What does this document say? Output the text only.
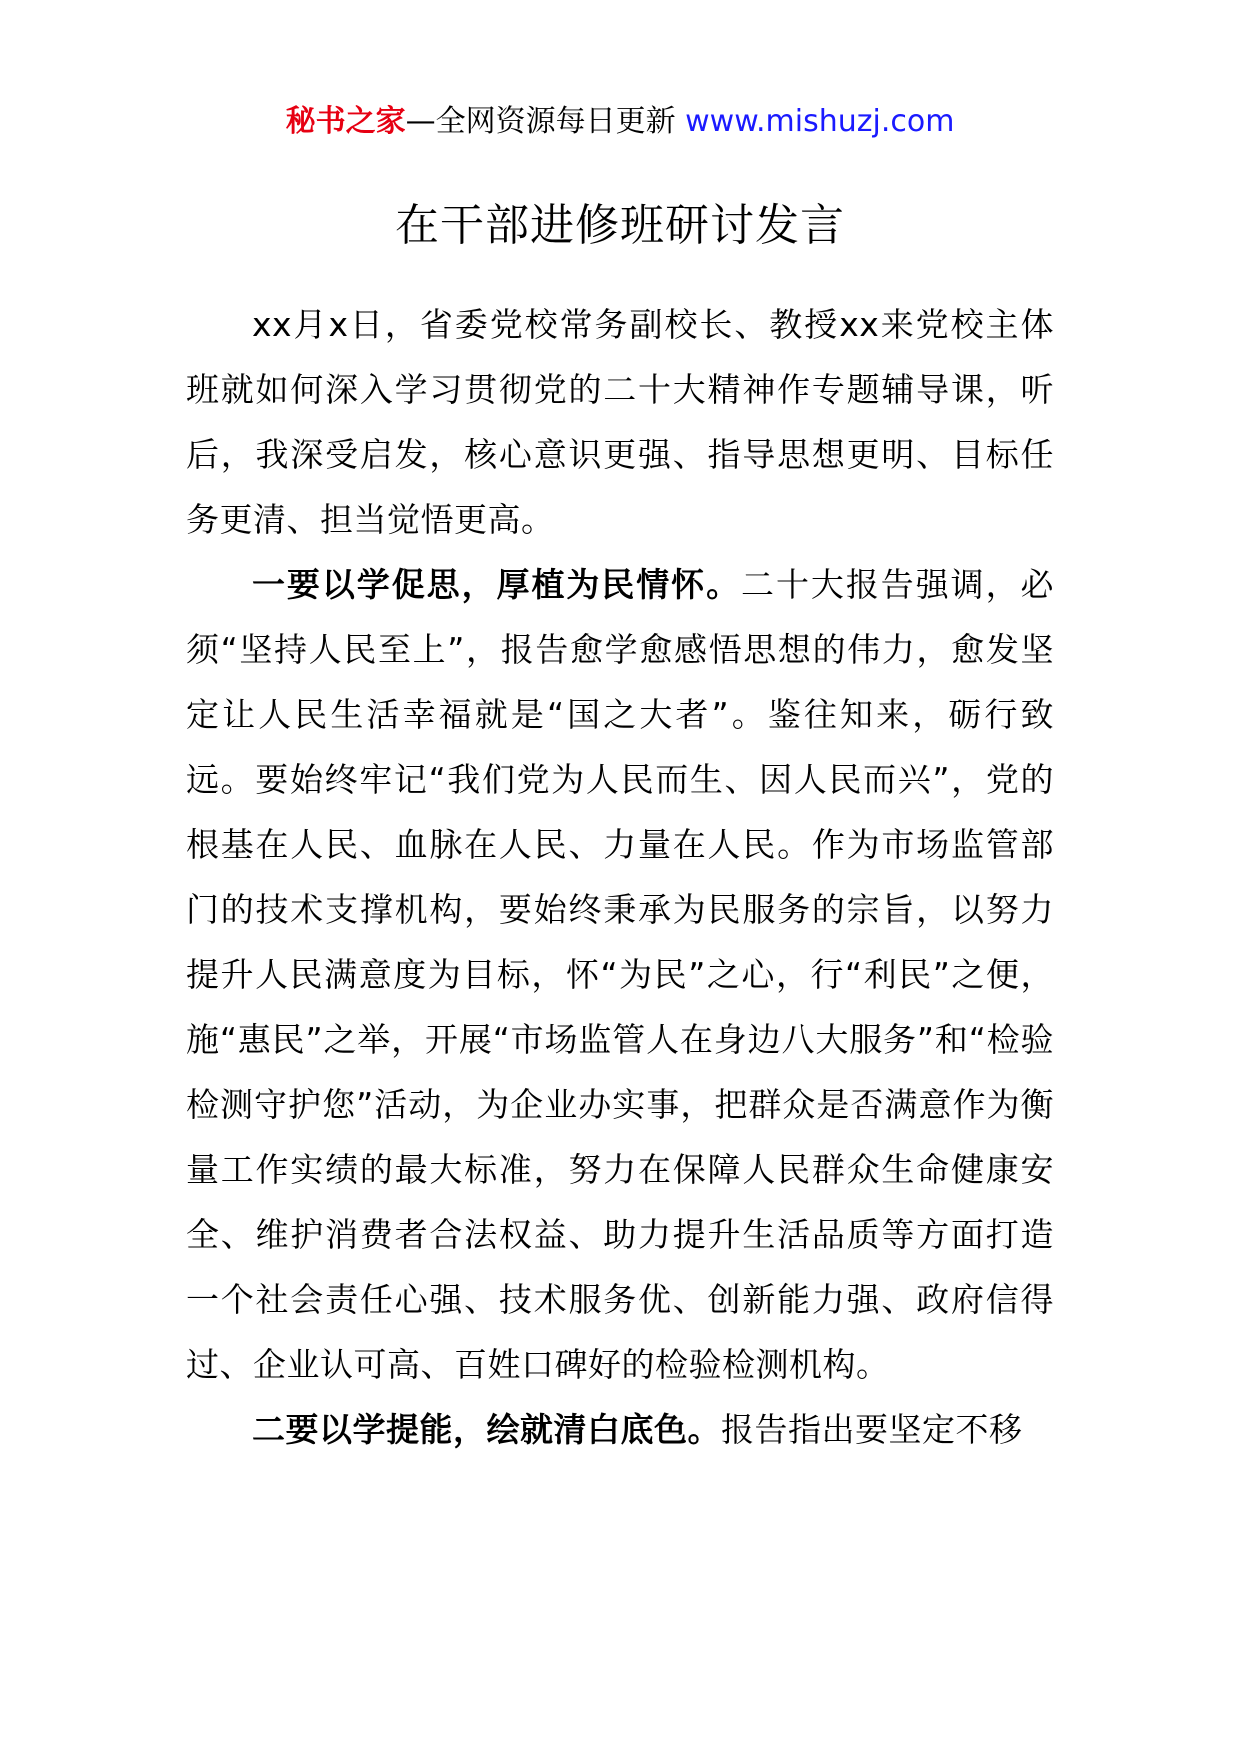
秘书之家—全网资源每日更新 www.mishuzj.com
在干部进修班研讨发言

xx月x日，省委党校常务副校长、教授xx来党校主体班就如何深入学习贯彻党的二十大精神作专题辅导课，听后，我深受启发，核心意识更强、指导思想更明、目标任务更清、担当觉悟更高。

一要以学促思，厚植为民情怀。二十大报告强调，必须“坚持人民至上”，报告愈学愈感悟思想的伟力，愈发坚定让人民生活幸福就是“国之大者”。鉴往知来，砺行致远。要始终牢记“我们党为人民而生、因人民而兴”，党的根基在人民、血脉在人民、力量在人民。作为市场监管部门的技术支撑机构，要始终秉承为民服务的宗旨，以努力提升人民满意度为目标，怀“为民”之心，行“利民”之便，施“惠民”之举，开展“市场监管人在身边八大服务”和“检验检测守护您”活动，为企业办实事，把群众是否满意作为衡量工作实绩的最大标准，努力在保障人民群众生命健康安全、维护消费者合法权益、助力提升生活品质等方面打造一个社会责任心强、技术服务优、创新能力强、政府信得过、企业认可高、百姓口碑好的检验检测机构。

二要以学提能，绘就清白底色。报告指出要坚定不移
